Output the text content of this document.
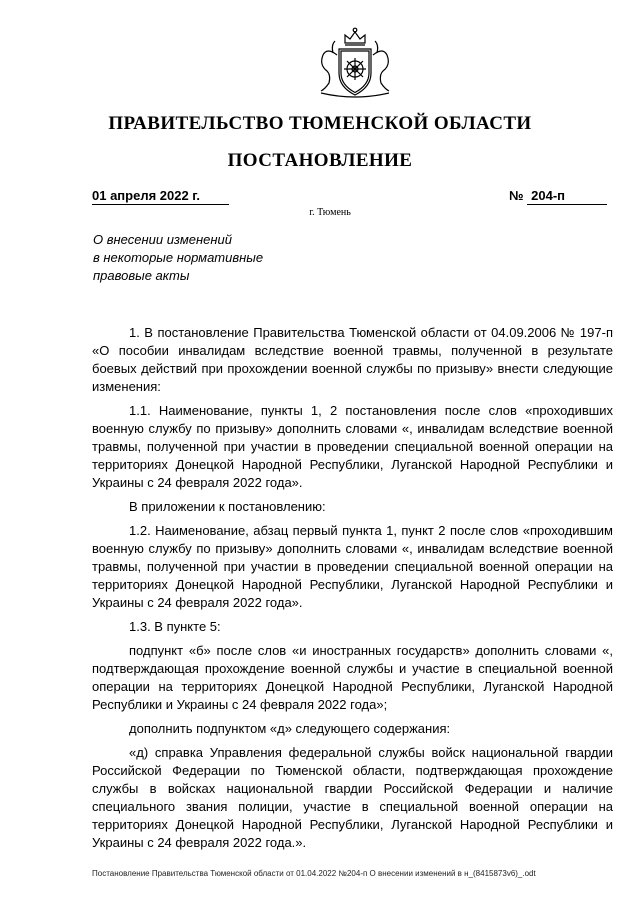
ПРАВИТЕЛЬСТВО ТЮМЕНСКОЙ ОБЛАСТИ
ПОСТАНОВЛЕНИЕ
01 апреля 2022 г.	№ 204-п
г. Тюмень
О внесении изменений
в некоторые нормативные
правовые акты

1. В постановление Правительства Тюменской области от 04.09.2006 № 197-п «О пособии инвалидам вследствие военной травмы, полученной в результате боевых действий при прохождении военной службы по призыву» внести следующие изменения:

1.1. Наименование, пункты 1, 2 постановления после слов «проходивших военную службу по призыву» дополнить словами «, инвалидам вследствие военной травмы, полученной при участии в проведении специальной военной операции на территориях Донецкой Народной Республики, Луганской Народной Республики и Украины с 24 февраля 2022 года».

В приложении к постановлению:

1.2. Наименование, абзац первый пункта 1, пункт 2 после слов «проходившим военную службу по призыву» дополнить словами «, инвалидам вследствие военной травмы, полученной при участии в проведении специальной военной операции на территориях Донецкой Народной Республики, Луганской Народной Республики и Украины с 24 февраля 2022 года».

1.3. В пункте 5:

подпункт «б» после слов «и иностранных государств» дополнить словами «, подтверждающая прохождение военной службы и участие в специальной военной операции на территориях Донецкой Народной Республики, Луганской Народной Республики и Украины с 24 февраля 2022 года»;

дополнить подпунктом «д» следующего содержания:

«д) справка Управления федеральной службы войск национальной гвардии Российской Федерации по Тюменской области, подтверждающая прохождение службы в войсках национальной гвардии Российской Федерации и наличие специального звания полиции, участие в специальной военной операции на территориях Донецкой Народной Республики, Луганской Народной Республики и Украины с 24 февраля 2022 года.».

Постановление Правительства Тюменской области от 01.04.2022 №204-п О внесении изменений в н_(8415873v6)_.odt
